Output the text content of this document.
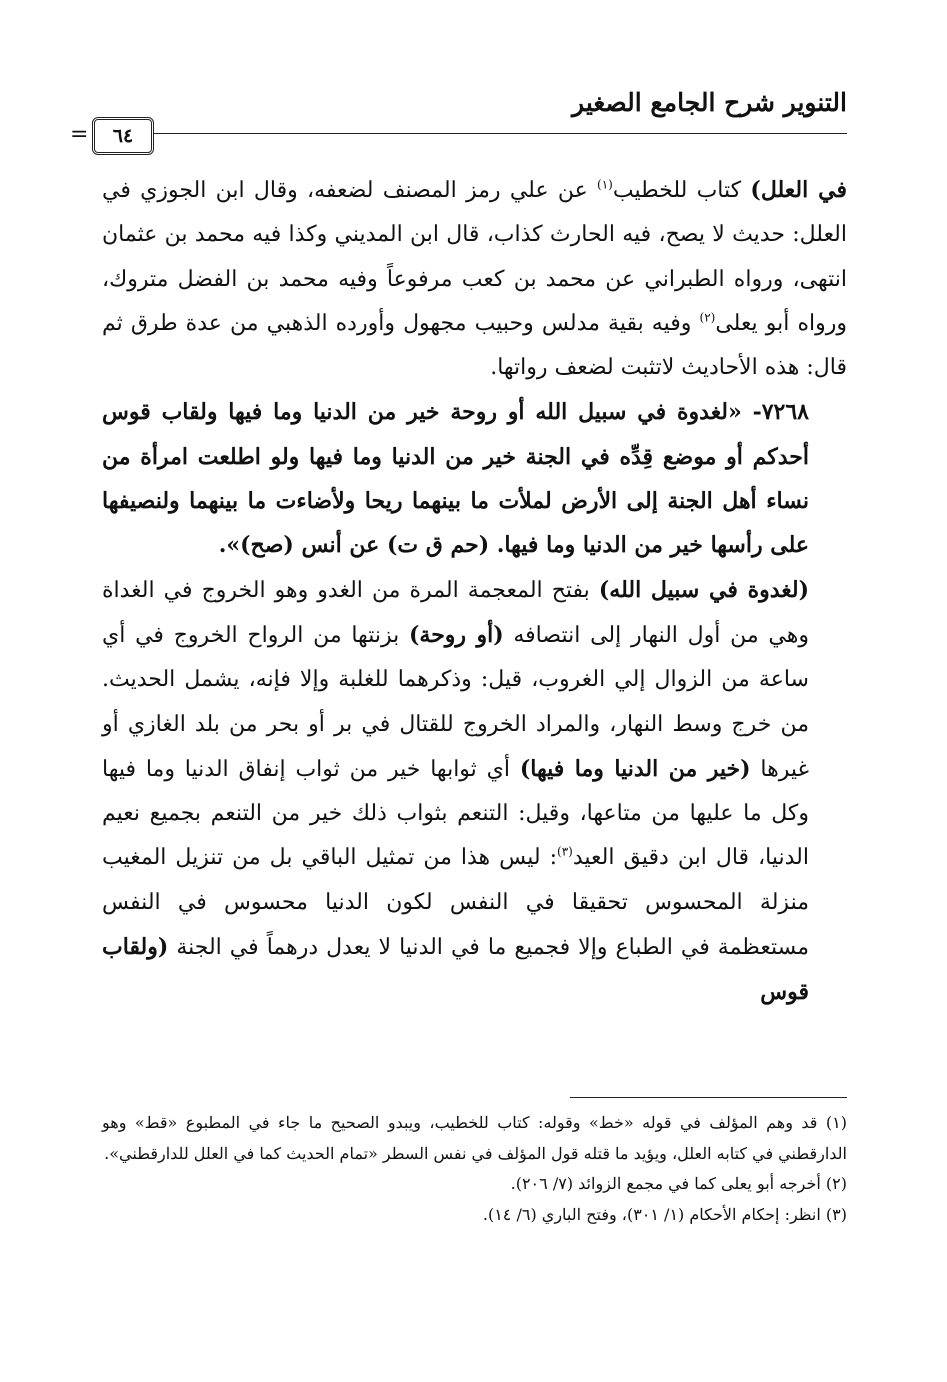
التنوير شرح الجامع الصغير
٦٤
=

في العلل) كتاب للخطيب$^{(١)}$ عن علي رمز المصنف لضعفه، وقال ابن الجوزي في العلل: حديث لا يصح، فيه الحارث كذاب، قال ابن المديني وكذا فيه محمد بن عثمان انتهى، ورواه الطبراني عن محمد بن كعب مرفوعاً وفيه محمد بن الفضل متروك، ورواه أبو يعلى$^{(٢)}$ وفيه بقية مدلس وحبيب مجهول وأورده الذهبي من عدة طرق ثم قال: هذه الأحاديث لاتثبت لضعف رواتها.

٧٢٦٨- «لغدوة في سبيل الله أو روحة خير من الدنيا وما فيها ولقاب قوس أحدكم أو موضع قِدِّه في الجنة خير من الدنيا وما فيها ولو اطلعت امرأة من نساء أهل الجنة إلى الأرض لملأت ما بينهما ريحا ولأضاءت ما بينهما ولنصيفها على رأسها خير من الدنيا وما فيها. (حم ق ت) عن أنس (صح)».

(لغدوة في سبيل الله) بفتح المعجمة المرة من الغدو وهو الخروج في الغداة وهي من أول النهار إلى انتصافه (أو روحة) بزنتها من الرواح الخروج في أي ساعة من الزوال إلي الغروب، قيل: وذكرهما للغلبة وإلا فإنه، يشمل الحديث. من خرج وسط النهار، والمراد الخروج للقتال في بر أو بحر من بلد الغازي أو غيرها (خير من الدنيا وما فيها) أي ثوابها خير من ثواب إنفاق الدنيا وما فيها وكل ما عليها من متاعها، وقيل: التنعم بثواب ذلك خير من التنعم بجميع نعيم الدنيا، قال ابن دقيق العيد$^{(٣)}$: ليس هذا من تمثيل الباقي بل من تنزيل المغيب منزلة المحسوس تحقيقا في النفس لكون الدنيا محسوس في النفس مستعظمة في الطباع وإلا فجميع ما في الدنيا لا يعدل درهماً في الجنة (ولقاب قوس

(١) قد وهم المؤلف في قوله «خط» وقوله: كتاب للخطيب، ويبدو الصحيح ما جاء في المطبوع «قط» وهو الدارقطني في كتابه العلل، ويؤيد ما قتله قول المؤلف في نفس السطر «تمام الحديث كما في العلل للدارقطني».

(٢) أخرجه أبو يعلى كما في مجمع الزوائد (٧/ ٢٠٦).

(٣) انظر: إحكام الأحكام (١/ ٣٠١)، وفتح الباري (٦/ ١٤).
